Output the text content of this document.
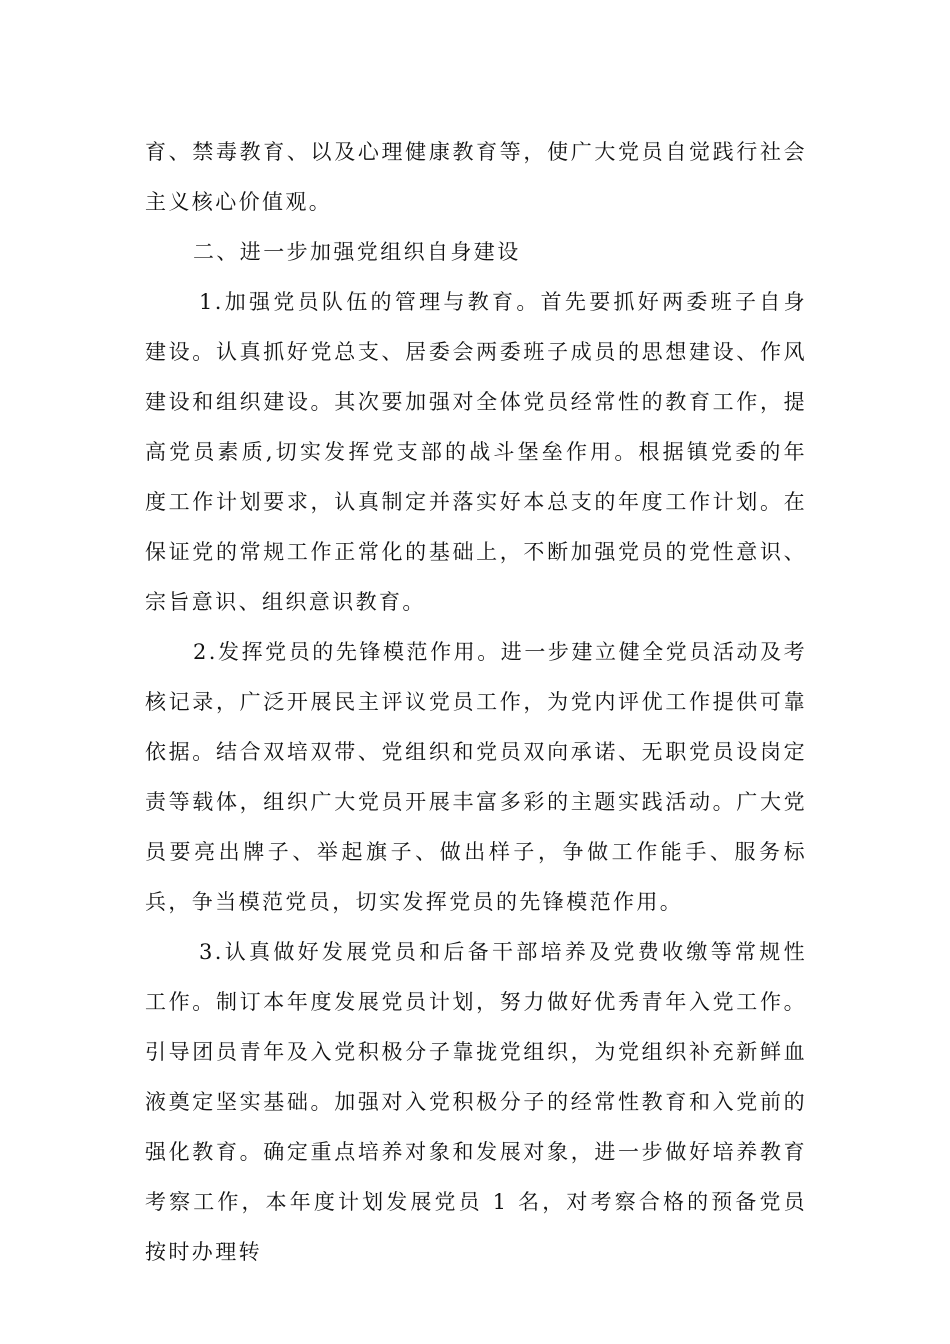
育、禁毒教育、以及心理健康教育等，使广大党员自觉践行社会主义核心价值观。

二、进一步加强党组织自身建设

1.加强党员队伍的管理与教育。首先要抓好两委班子自身建设。认真抓好党总支、居委会两委班子成员的思想建设、作风建设和组织建设。其次要加强对全体党员经常性的教育工作，提高党员素质,切实发挥党支部的战斗堡垒作用。根据镇党委的年度工作计划要求，认真制定并落实好本总支的年度工作计划。在保证党的常规工作正常化的基础上，不断加强党员的党性意识、宗旨意识、组织意识教育。

2.发挥党员的先锋模范作用。进一步建立健全党员活动及考核记录，广泛开展民主评议党员工作，为党内评优工作提供可靠依据。结合双培双带、党组织和党员双向承诺、无职党员设岗定责等载体，组织广大党员开展丰富多彩的主题实践活动。广大党员要亮出牌子、举起旗子、做出样子，争做工作能手、服务标兵，争当模范党员，切实发挥党员的先锋模范作用。

3.认真做好发展党员和后备干部培养及党费收缴等常规性工作。制订本年度发展党员计划，努力做好优秀青年入党工作。引导团员青年及入党积极分子靠拢党组织，为党组织补充新鲜血液奠定坚实基础。加强对入党积极分子的经常性教育和入党前的强化教育。确定重点培养对象和发展对象，进一步做好培养教育考察工作，本年度计划发展党员 1 名，对考察合格的预备党员按时办理转
